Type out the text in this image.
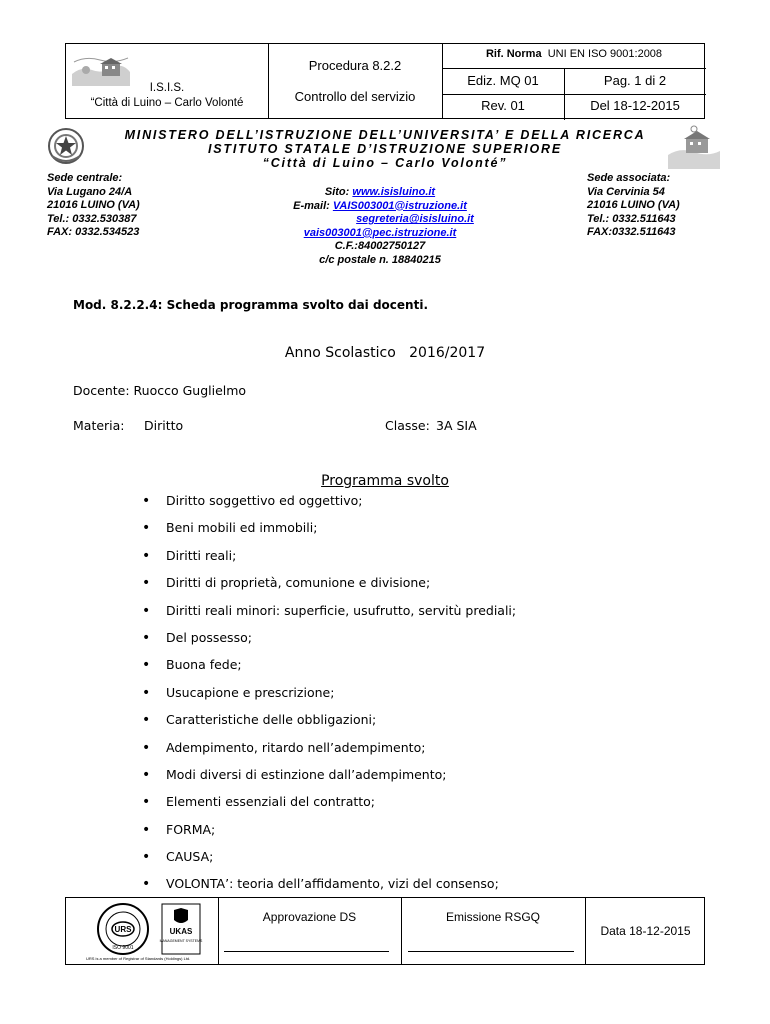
I.S.I.S.
“Città di Luino – Carlo Volonté
Procedura 8.2.2
Controllo del servizio
Rif. Norma UNI EN ISO 9001:2008
Ediz. MQ 01	Pag. 1 di 2
Rev. 01	Del 18-12-2015
MINISTERO DELL’ISTRUZIONE DELL’UNIVERSITA’ E DELLA RICERCA
ISTITUTO STATALE D’ISTRUZIONE SUPERIORE
“Città di Luino – Carlo Volonté”
Sede centrale:
Via Lugano 24/A
21016 LUINO (VA)
Tel.: 0332.530387
FAX: 0332.534523
Sito: www.isisluino.it
E-mail: VAIS003001@istruzione.it
segreteria@isisluino.it
vais003001@pec.istruzione.it
C.F.:84002750127
c/c postale n. 18840215
Sede associata:
Via Cervinia 54
21016 LUINO (VA)
Tel.: 0332.511643
FAX:0332.511643
Mod. 8.2.2.4: Scheda programma svolto dai docenti.
Anno Scolastico   2016/2017
Docente: Ruocco Guglielmo
Materia: Diritto	Classe: 3A SIA
Programma svolto
• Diritto soggettivo ed oggettivo;
• Beni mobili ed immobili;
• Diritti reali;
• Diritti di proprietà, comunione e divisione;
• Diritti reali minori: superficie, usufrutto, servitù prediali;
• Del possesso;
• Buona fede;
• Usucapione e prescrizione;
• Caratteristiche delle obbligazioni;
• Adempimento, ritardo nell’adempimento;
• Modi diversi di estinzione dall’adempimento;
• Elementi essenziali del contratto;
• FORMA;
• CAUSA;
• VOLONTA’: teoria dell’affidamento, vizi del consenso;
URS
ISO 9001
UKAS
MANAGEMENT SYSTEMS
URS is a member of Registrar of Standards (Holdings) Ltd.
Approvazione DS	Emissione RSGQ
Data 18-12-2015
